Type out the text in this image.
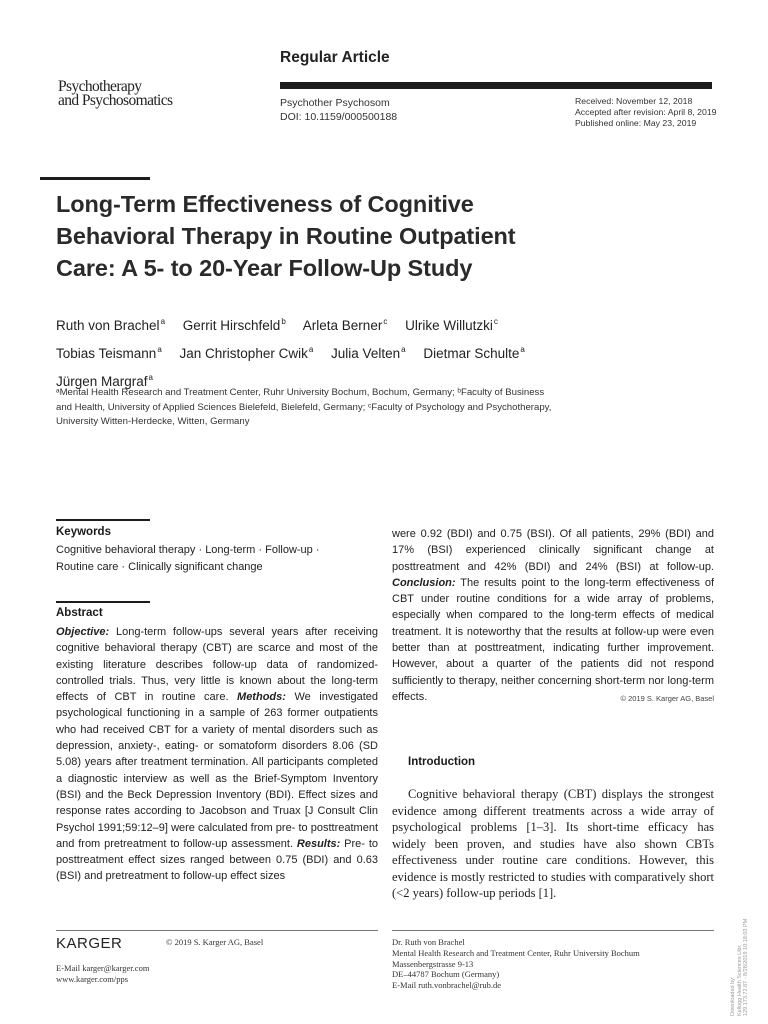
Psychotherapy
and Psychosomatics
Regular Article
Psychother Psychosom
DOI: 10.1159/000500188
Received: November 12, 2018
Accepted after revision: April 8, 2019
Published online: May 23, 2019
Long-Term Effectiveness of Cognitive
Behavioral Therapy in Routine Outpatient
Care: A 5- to 20-Year Follow-Up Study
Ruth von Brachel$^a$ Gerrit Hirschfeld$^b$ Arleta Berner$^c$ Ulrike Willutzki$^c$
Tobias Teismann$^a$ Jan Christopher Cwik$^a$ Julia Velten$^a$ Dietmar Schulte$^a$
Jürgen Margraf$^a$
ᵃMental Health Research and Treatment Center, Ruhr University Bochum, Bochum, Germany; ᵇFaculty of Business
and Health, University of Applied Sciences Bielefeld, Bielefeld, Germany; ᶜFaculty of Psychology and Psychotherapy,
University Witten-Herdecke, Witten, Germany
Keywords
Cognitive behavioral therapy · Long-term · Follow-up ·
Routine care · Clinically significant change
Abstract

Objective: Long-term follow-ups several years after receiving cognitive behavioral therapy (CBT) are scarce and most of the existing literature describes follow-up data of randomized-controlled trials. Thus, very little is known about the long-term effects of CBT in routine care. Methods: We investigated psychological functioning in a sample of 263 former outpatients who had received CBT for a variety of mental disorders such as depression, anxiety-, eating- or somatoform disorders 8.06 (SD 5.08) years after treatment termination. All participants completed a diagnostic interview as well as the Brief-Symptom Inventory (BSI) and the Beck Depression Inventory (BDI). Effect sizes and response rates according to Jacobson and Truax [J Consult Clin Psychol 1991;59:12–9] were calculated from pre- to posttreatment and from pretreatment to follow-up assessment. Results: Pre- to posttreatment effect sizes ranged between 0.75 (BDI) and 0.63 (BSI) and pretreatment to follow-up effect sizes

were 0.92 (BDI) and 0.75 (BSI). Of all patients, 29% (BDI) and 17% (BSI) experienced clinically significant change at posttreatment and 42% (BDI) and 24% (BSI) at follow-up. Conclusion: The results point to the long-term effectiveness of CBT under routine conditions for a wide array of problems, especially when compared to the long-term effects of medical treatment. It is noteworthy that the results at follow-up were even better than at posttreatment, indicating further improvement. However, about a quarter of the patients did not respond sufficiently to therapy, neither concerning short-term nor long-term effects.	© 2019 S. Karger AG, Basel

Introduction

Cognitive behavioral therapy (CBT) displays the strongest evidence among different treatments across a wide array of psychological problems [1–3]. Its short-time efficacy has widely been proven, and studies have also shown CBTs effectiveness under routine care conditions. However, this evidence is mostly restricted to studies with comparatively short (<2 years) follow-up periods [1].

KARGER	© 2019 S. Karger AG, Basel
E-Mail karger@karger.com
www.karger.com/pps
Dr. Ruth von Brachel
Mental Health Research and Treatment Center, Ruhr University Bochum
Massenbergstrasse 9-13
DE–44787 Bochum (Germany)
E-Mail ruth.vonbrachel@rub.de	Downloaded by: Kellogg Health Sciences Libr. 129.173.72.87 - 8/28/2019 10:18:03 PM
